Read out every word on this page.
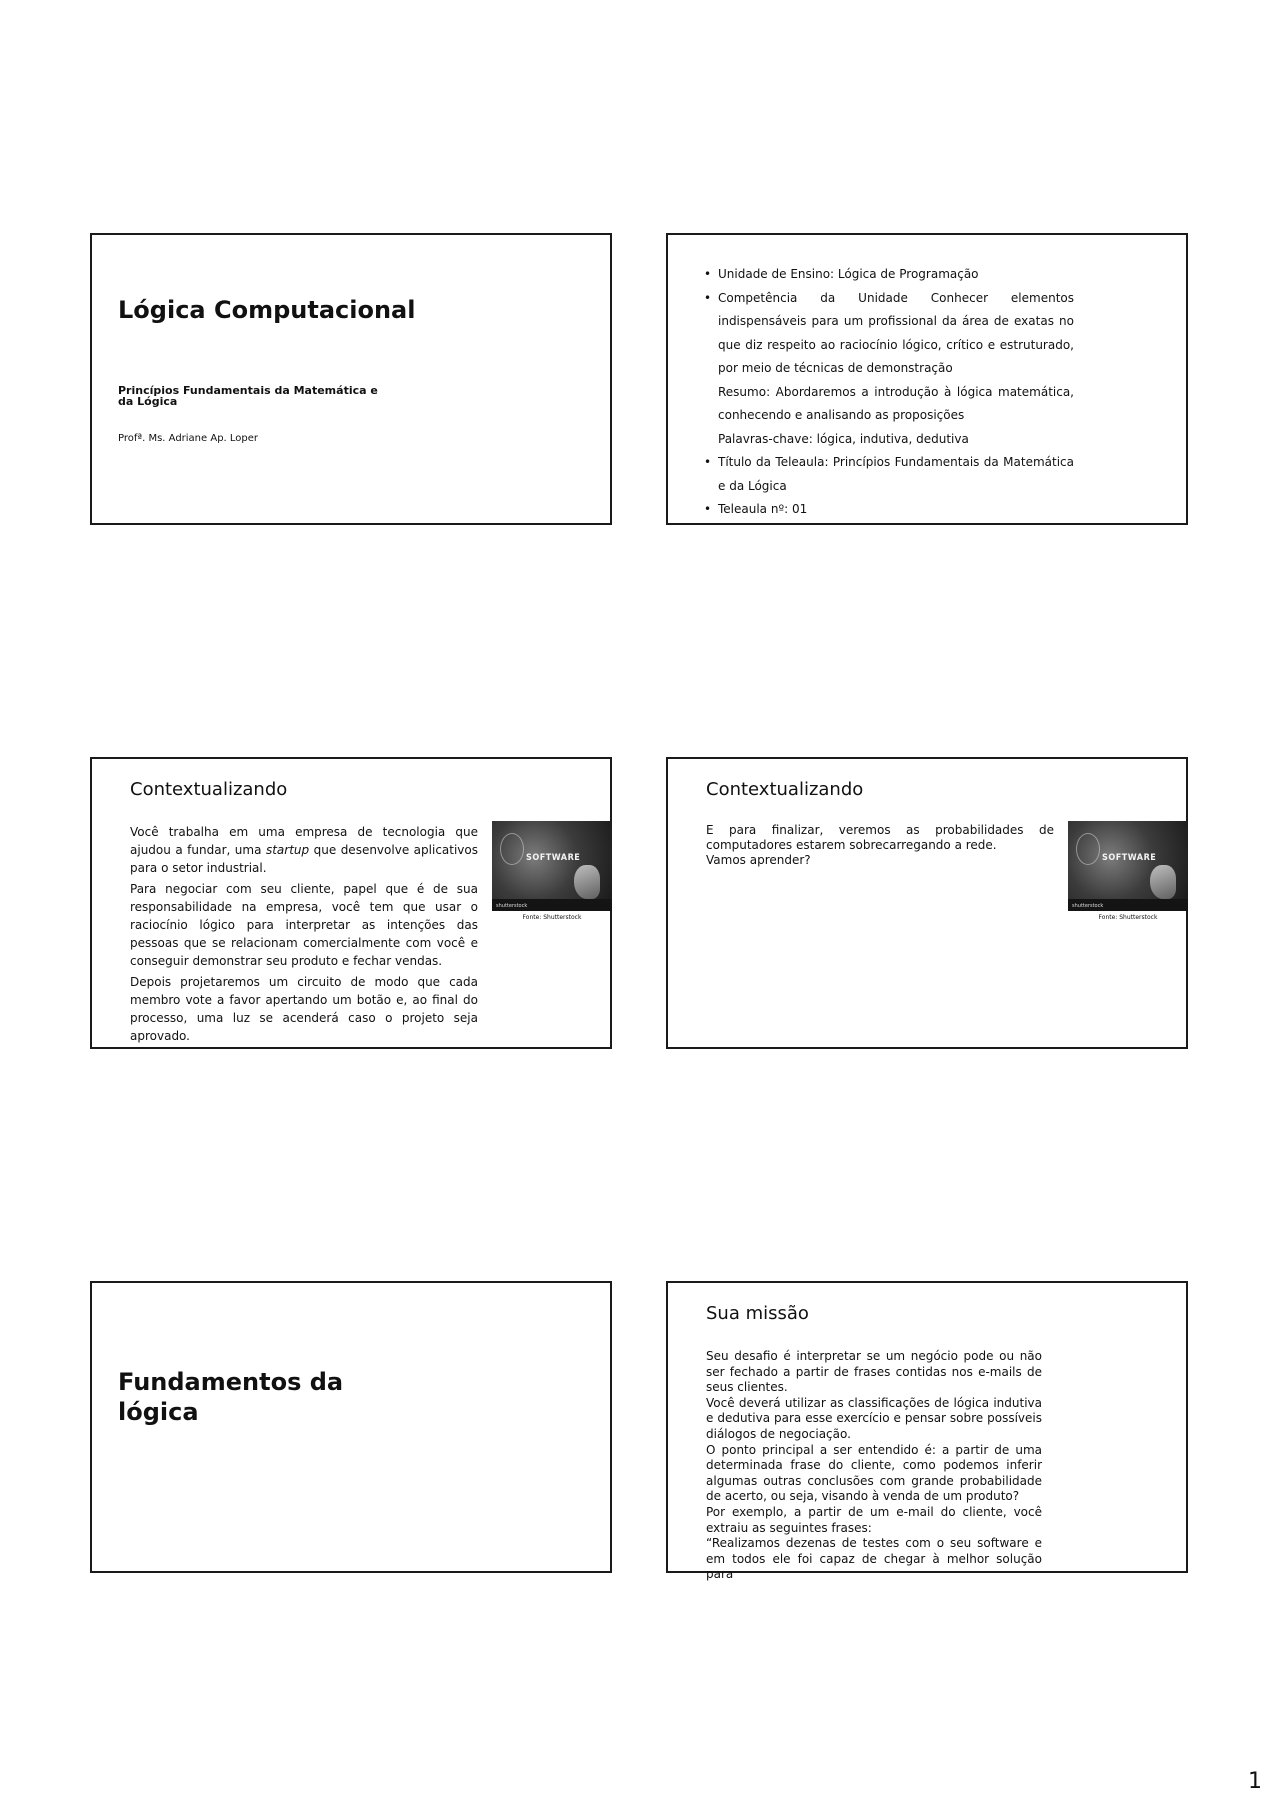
Lógica Computacional
Princípios Fundamentais da Matemática e da Lógica
Profª. Ms. Adriane Ap. Loper
• Unidade de Ensino: Lógica de Programação
• Competência da Unidade Conhecer elementos indispensáveis para um profissional da área de exatas no que diz respeito ao raciocínio lógico, crítico e estruturado, por meio de técnicas de demonstração
Resumo: Abordaremos a introdução à lógica matemática, conhecendo e analisando as proposições
Palavras-chave: lógica, indutiva, dedutiva
• Título da Teleaula: Princípios Fundamentais da Matemática e da Lógica
• Teleaula nº: 01
Contextualizando

Você trabalha em uma empresa de tecnologia que ajudou a fundar, uma startup que desenvolve aplicativos para o setor industrial.

Para negociar com seu cliente, papel que é de sua responsabilidade na empresa, você tem que usar o raciocínio lógico para interpretar as intenções das pessoas que se relacionam comercialmente com você e conseguir demonstrar seu produto e fechar vendas.

Depois projetaremos um circuito de modo que cada membro vote a favor apertando um botão e, ao final do processo, uma luz se acenderá caso o projeto seja aprovado.

SOFTWARE
shutterstock
Fonte: Shutterstock
Contextualizando

E para finalizar, veremos as probabilidades de computadores estarem sobrecarregando a rede.

Vamos aprender?	SOFTWARE
shutterstock
Fonte: Shutterstock
Fundamentos da lógica
Sua missão

Seu desafio é interpretar se um negócio pode ou não ser fechado a partir de frases contidas nos e-mails de seus clientes.

Você deverá utilizar as classificações de lógica indutiva e dedutiva para esse exercício e pensar sobre possíveis diálogos de negociação.

O ponto principal a ser entendido é: a partir de uma determinada frase do cliente, como podemos inferir algumas outras conclusões com grande probabilidade de acerto, ou seja, visando à venda de um produto?

Por exemplo, a partir de um e-mail do cliente, você extraiu as seguintes frases:

“Realizamos dezenas de testes com o seu software e em todos ele foi capaz de chegar à melhor solução para

1
